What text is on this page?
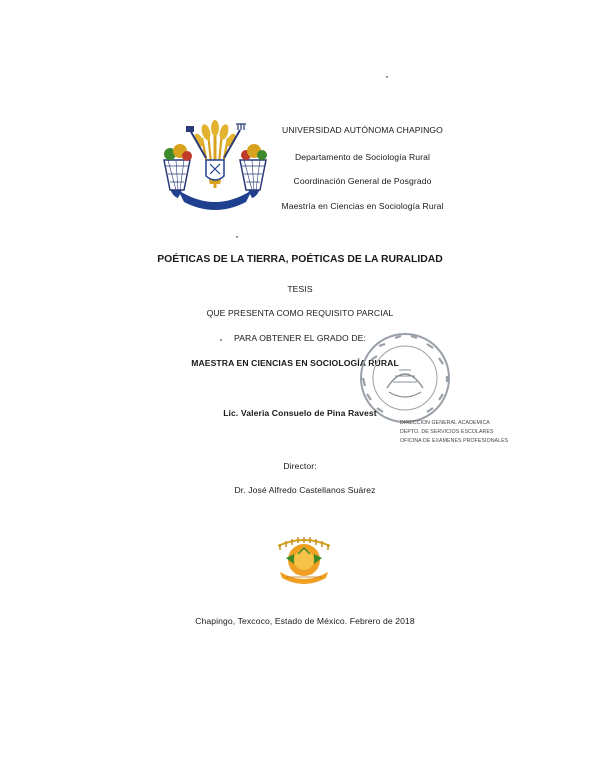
UNIVERSIDAD AUTÓNOMA CHAPINGO
Departamento de Sociología Rural
Coordinación General de Posgrado
Maestría en Ciencias en Sociología Rural
POÉTICAS DE LA TIERRA, POÉTICAS DE LA RURALIDAD
TESIS
QUE PRESENTA COMO REQUISITO PARCIAL
PARA OBTENER EL GRADO DE:
MAESTRA EN CIENCIAS EN SOCIOLOGÍA RURAL
Lic. Valeria Consuelo de Pina Ravest
DIRECCION GENERAL ACADEMICA
DEPTO. DE SERVICIOS ESCOLARES
OFICINA DE EXAMENES PROFESIONALES
Director:
Dr. José Alfredo Castellanos Suárez
Chapingo, Texcoco, Estado de México. Febrero de 2018
